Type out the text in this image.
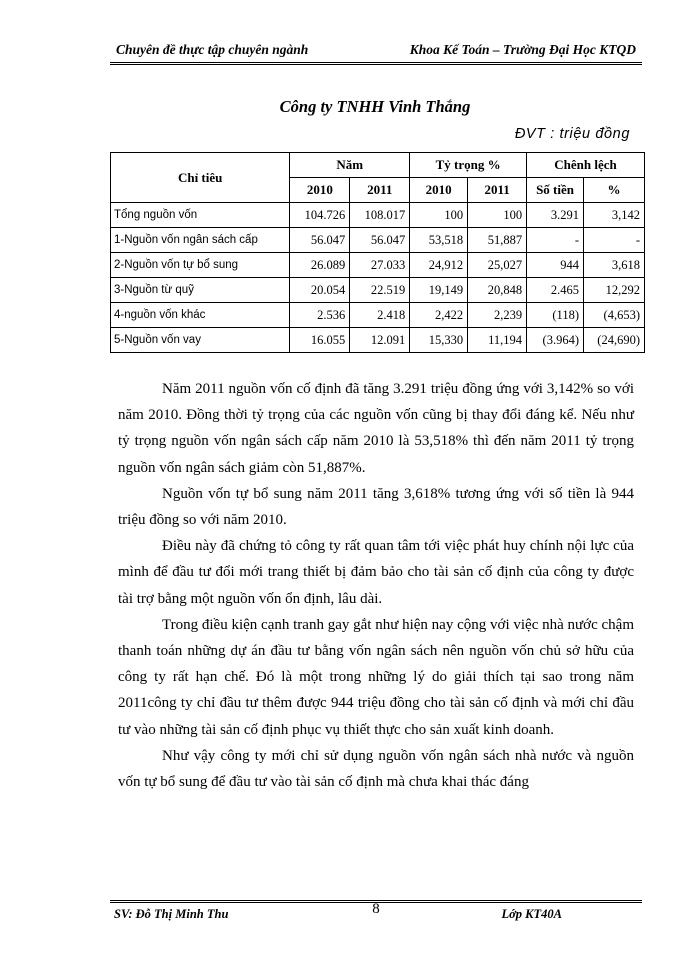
Chuyên đề thực tập chuyên ngành	Khoa Kế Toán – Trường Đại Học KTQD
Công ty TNHH Vinh Thắng
ĐVT : triệu đồng
Chỉ tiêu	Năm		Tỷ trọng %		Chênh lệch	
	2010	2011	2010	2011	Số tiền	%
Tổng nguồn vốn	104.726	108.017	100	100	3.291	3,142
1-Nguồn vốn ngân sách cấp	56.047	56.047	53,518	51,887	-	-
2-Nguồn vốn tự bổ sung	26.089	27.033	24,912	25,027	944	3,618
3-Nguồn từ quỹ	20.054	22.519	19,149	20,848	2.465	12,292
4-nguồn vốn khác	2.536	2.418	2,422	2,239	(118)	(4,653)
5-Nguồn vốn vay	16.055	12.091	15,330	11,194	(3.964)	(24,690)

Năm 2011 nguồn vốn cố định đã tăng 3.291 triệu đồng ứng với 3,142% so với năm 2010. Đồng thời tỷ trọng của các nguồn vốn cũng bị thay đổi đáng kể. Nếu như tỷ trọng nguồn vốn ngân sách cấp năm 2010 là 53,518% thì đến năm 2011 tỷ trọng nguồn vốn ngân sách giảm còn 51,887%.

Nguồn vốn tự bổ sung năm 2011 tăng 3,618% tương ứng với số tiền là 944 triệu đồng so với năm 2010.

Điều này đã chứng tỏ công ty rất quan tâm tới việc phát huy chính nội lực của mình để đầu tư đổi mới trang thiết bị đảm bảo cho tài sản cố định của công ty được tài trợ bằng một nguồn vốn ổn định, lâu dài.

Trong điều kiện cạnh tranh gay gắt như hiện nay cộng với việc nhà nước chậm thanh toán những dự án đầu tư bằng vốn ngân sách nên nguồn vốn chủ sở hữu của công ty rất hạn chế. Đó là một trong những lý do giải thích tại sao trong năm 2011công ty chỉ đầu tư thêm được 944 triệu đồng cho tài sản cố định và mới chỉ đầu tư vào những tài sản cố định phục vụ thiết thực cho sản xuất kinh doanh.

Như vậy công ty mới chỉ sử dụng nguồn vốn ngân sách nhà nước và nguồn vốn tự bổ sung để đầu tư vào tài sản cố định mà chưa khai thác đáng

SV: Đỗ Thị Minh Thu	8	Lớp KT40A
